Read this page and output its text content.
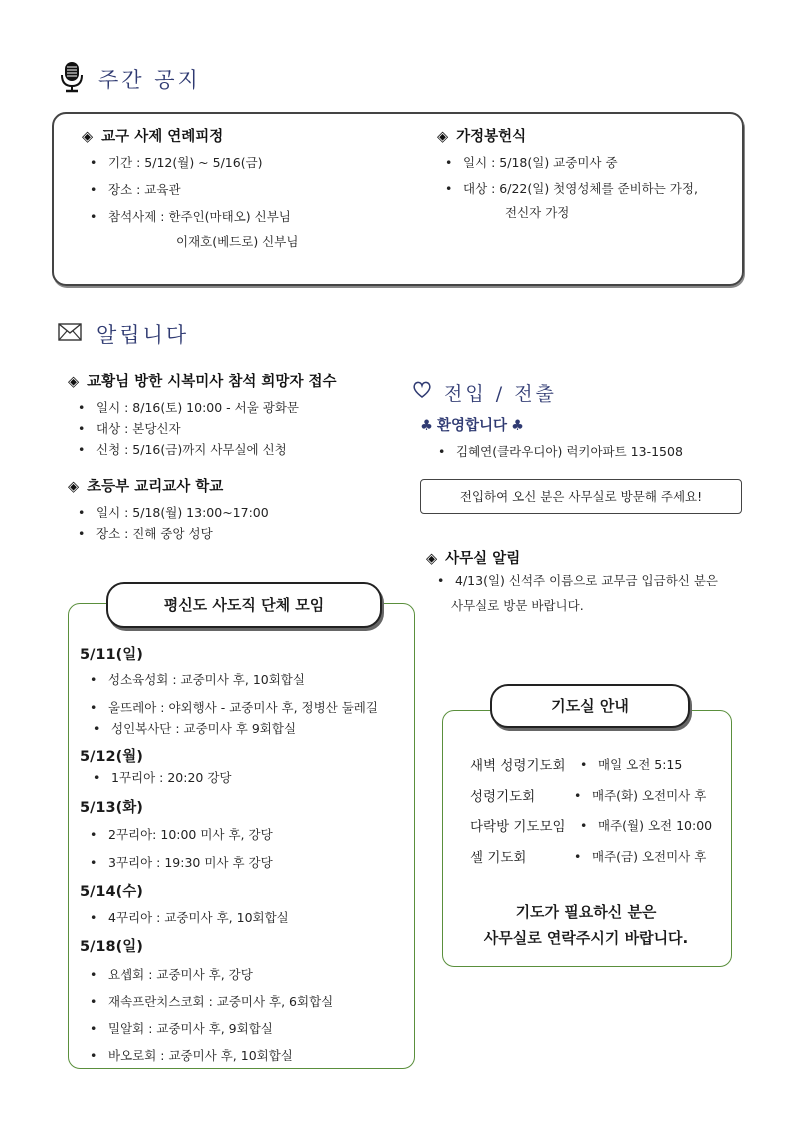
주간 공지
◈ 교구 사제 연례피정
• 기간 : 5/12(월) ~ 5/16(금)
• 장소 : 교육관
• 참석사제 : 한주인(마태오) 신부님
이재호(베드로) 신부님
◈ 가정봉헌식
• 일시 : 5/18(일) 교중미사 중
• 대상 : 6/22(일) 첫영성체를 준비하는 가정,
전신자 가정
알립니다
◈ 교황님 방한 시복미사 참석 희망자 접수
• 일시 : 8/16(토) 10:00 - 서울 광화문
• 대상 : 본당신자
• 신청 : 5/16(금)까지 사무실에 신청
◈ 초등부 교리교사 학교
• 일시 : 5/18(월) 13:00~17:00
• 장소 : 진해 중앙 성당
전입 / 전출
♣ 환영합니다 ♣
• 김혜연(클라우디아) 럭키아파트 13-1508
전입하여 오신 분은 사무실로 방문해 주세요!
◈ 사무실 알림
• 4/13(일) 신석주 이름으로 교무금 입금하신 분은
사무실로 방문 바랍니다.
평신도 사도직 단체 모임
5/11(일)
• 성소육성회 : 교중미사 후, 10회합실
• 울뜨레아 : 야외행사 - 교중미사 후, 정병산 둘레길
• 성인복사단 : 교중미사 후 9회합실
5/12(월)
• 1꾸리아 : 20:20 강당
5/13(화)
• 2꾸리아: 10:00 미사 후, 강당
• 3꾸리아 : 19:30 미사 후 강당
5/14(수)
• 4꾸리아 : 교중미사 후, 10회합실
5/18(일)
• 요셉회 : 교중미사 후, 강당
• 재속프란치스코회 : 교중미사 후, 6회합실
• 밀알회 : 교중미사 후, 9회합실
• 바오로회 : 교중미사 후, 10회합실
기도실 안내
새벽 성령기도회 • 매일 오전 5:15
성령기도회	• 매주(화) 오전미사 후
다락방 기도모임 • 매주(월) 오전 10:00
셀 기도회	• 매주(금) 오전미사 후
기도가 필요하신 분은
사무실로 연락주시기 바랍니다.
